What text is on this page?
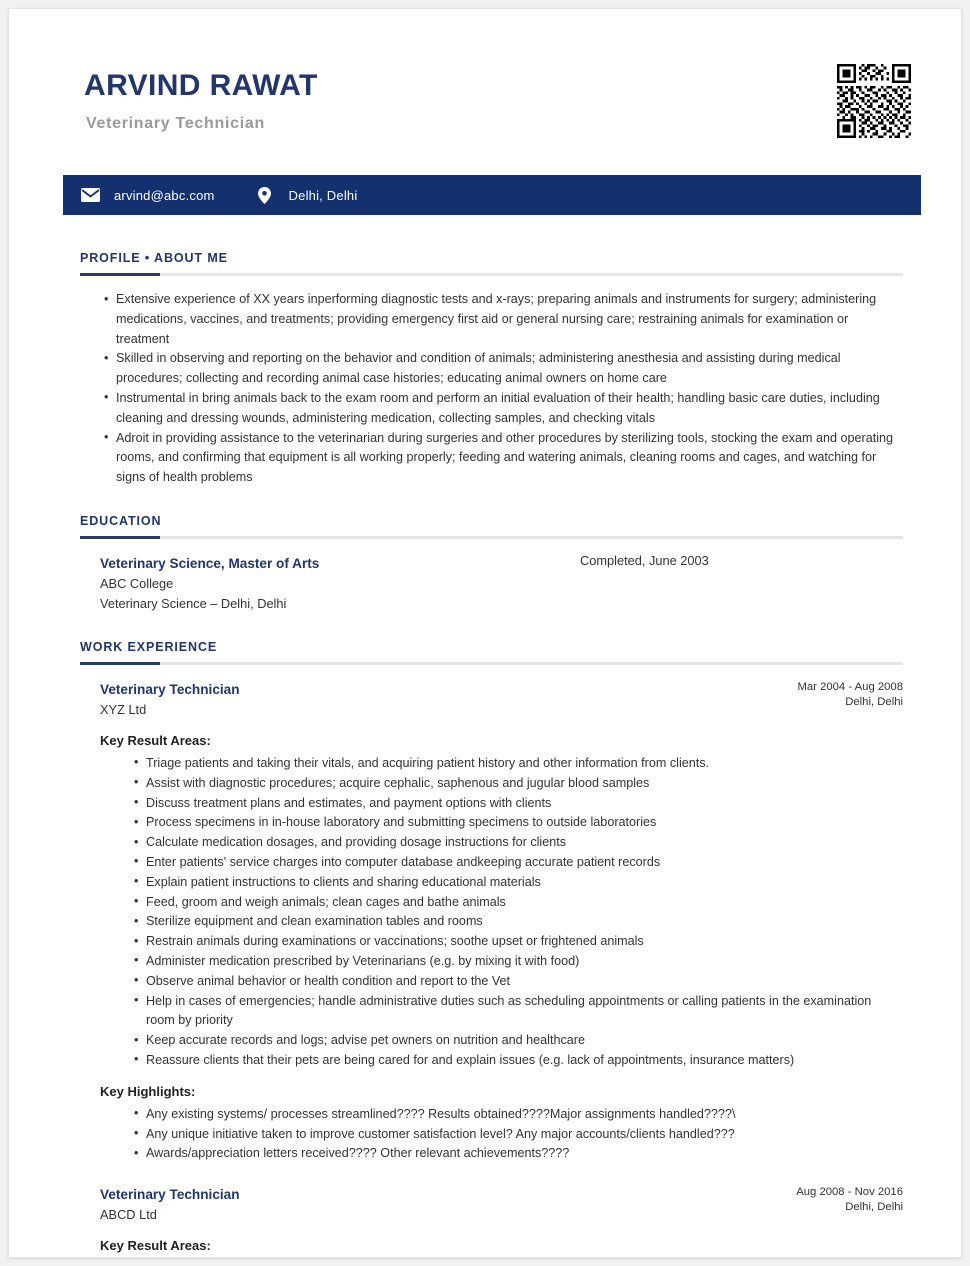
ARVIND RAWAT
Veterinary Technician
arvind@abc.com	Delhi, Delhi
PROFILE • ABOUT ME
• Extensive experience of XX years inperforming diagnostic tests and x-rays; preparing animals and instruments for surgery; administering medications, vaccines, and treatments; providing emergency first aid or general nursing care; restraining animals for examination or treatment
• Skilled in observing and reporting on the behavior and condition of animals; administering anesthesia and assisting during medical procedures; collecting and recording animal case histories; educating animal owners on home care
• Instrumental in bring animals back to the exam room and perform an initial evaluation of their health; handling basic care duties, including cleaning and dressing wounds, administering medication, collecting samples, and checking vitals
• Adroit in providing assistance to the veterinarian during surgeries and other procedures by sterilizing tools, stocking the exam and operating rooms, and confirming that equipment is all working properly; feeding and watering animals, cleaning rooms and cages, and watching for signs of health problems
EDUCATION
Veterinary Science, Master of Arts
ABC College
Veterinary Science – Delhi, Delhi
Completed, June 2003
WORK EXPERIENCE
Veterinary Technician
XYZ Ltd
Mar 2004 - Aug 2008
Delhi, Delhi
Key Result Areas:
• Triage patients and taking their vitals, and acquiring patient history and other information from clients.
• Assist with diagnostic procedures; acquire cephalic, saphenous and jugular blood samples
• Discuss treatment plans and estimates, and payment options with clients
• Process specimens in in-house laboratory and submitting specimens to outside laboratories
• Calculate medication dosages, and providing dosage instructions for clients
• Enter patients' service charges into computer database andkeeping accurate patient records
• Explain patient instructions to clients and sharing educational materials
• Feed, groom and weigh animals; clean cages and bathe animals
• Sterilize equipment and clean examination tables and rooms
• Restrain animals during examinations or vaccinations; soothe upset or frightened animals
• Administer medication prescribed by Veterinarians (e.g. by mixing it with food)
• Observe animal behavior or health condition and report to the Vet
• Help in cases of emergencies; handle administrative duties such as scheduling appointments or calling patients in the examination room by priority
• Keep accurate records and logs; advise pet owners on nutrition and healthcare
• Reassure clients that their pets are being cared for and explain issues (e.g. lack of appointments, insurance matters)
Key Highlights:
• Any existing systems/ processes streamlined???? Results obtained????Major assignments handled????\
• Any unique initiative taken to improve customer satisfaction level? Any major accounts/clients handled???
• Awards/appreciation letters received???? Other relevant achievements????
Veterinary Technician
ABCD Ltd
Aug 2008 - Nov 2016
Delhi, Delhi
Key Result Areas:
